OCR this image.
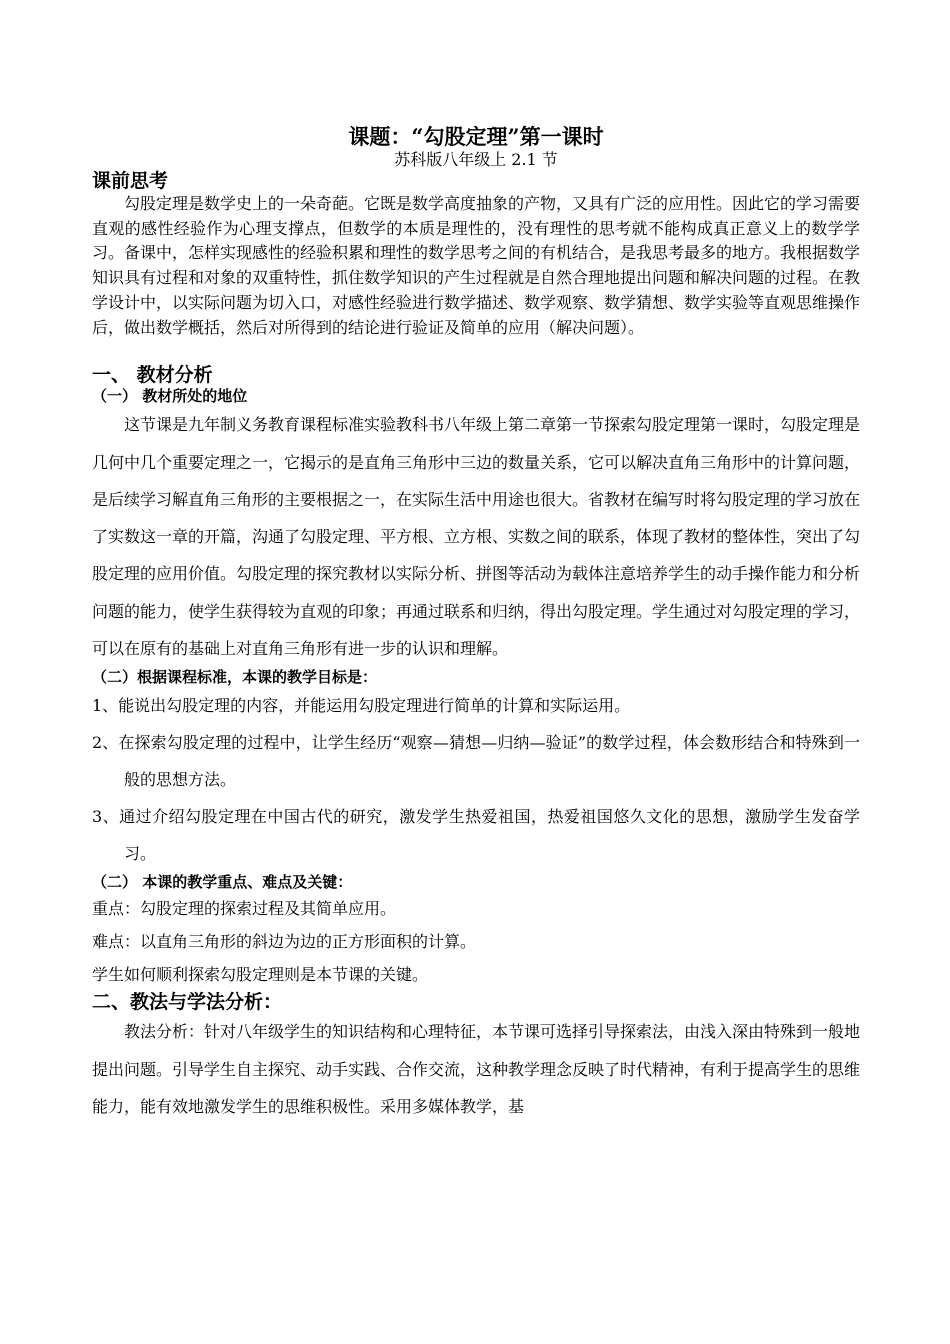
课题：“勾股定理”第一课时

苏科版八年级上 2.1 节

课前思考

勾股定理是数学史上的一朵奇葩。它既是数学高度抽象的产物，又具有广泛的应用性。因此它的学习需要直观的感性经验作为心理支撑点，但数学的本质是理性的，没有理性的思考就不能构成真正意义上的数学学习。备课中，怎样实现感性的经验积累和理性的数学思考之间的有机结合，是我思考最多的地方。我根据数学知识具有过程和对象的双重特性，抓住数学知识的产生过程就是自然合理地提出问题和解决问题的过程。在教学设计中，以实际问题为切入口，对感性经验进行数学描述、数学观察、数学猜想、数学实验等直观思维操作后，做出数学概括，然后对所得到的结论进行验证及简单的应用（解决问题）。

一、 教材分析
（一） 教材所处的地位

这节课是九年制义务教育课程标准实验教科书八年级上第二章第一节探索勾股定理第一课时，勾股定理是几何中几个重要定理之一，它揭示的是直角三角形中三边的数量关系，它可以解决直角三角形中的计算问题，是后续学习解直角三角形的主要根据之一，在实际生活中用途也很大。省教材在编写时将勾股定理的学习放在了实数这一章的开篇，沟通了勾股定理、平方根、立方根、实数之间的联系，体现了教材的整体性，突出了勾股定理的应用价值。勾股定理的探究教材以实际分析、拼图等活动为载体注意培养学生的动手操作能力和分析问题的能力，使学生获得较为直观的印象；再通过联系和归纳，得出勾股定理。学生通过对勾股定理的学习，可以在原有的基础上对直角三角形有进一步的认识和理解。

（二）根据课程标准，本课的教学目标是：

1、能说出勾股定理的内容，并能运用勾股定理进行简单的计算和实际运用。

2、在探索勾股定理的过程中，让学生经历“观察—猜想—归纳—验证”的数学过程，体会数形结合和特殊到一般的思想方法。

3、通过介绍勾股定理在中国古代的研究，激发学生热爱祖国，热爱祖国悠久文化的思想，激励学生发奋学习。

（二） 本课的教学重点、难点及关键：

重点：勾股定理的探索过程及其简单应用。

难点：以直角三角形的斜边为边的正方形面积的计算。

学生如何顺利探索勾股定理则是本节课的关键。

二、教法与学法分析：

教法分析：针对八年级学生的知识结构和心理特征，本节课可选择引导探索法，由浅入深由特殊到一般地提出问题。引导学生自主探究、动手实践、合作交流，这种教学理念反映了时代精神，有利于提高学生的思维能力，能有效地激发学生的思维积极性。采用多媒体教学，基
